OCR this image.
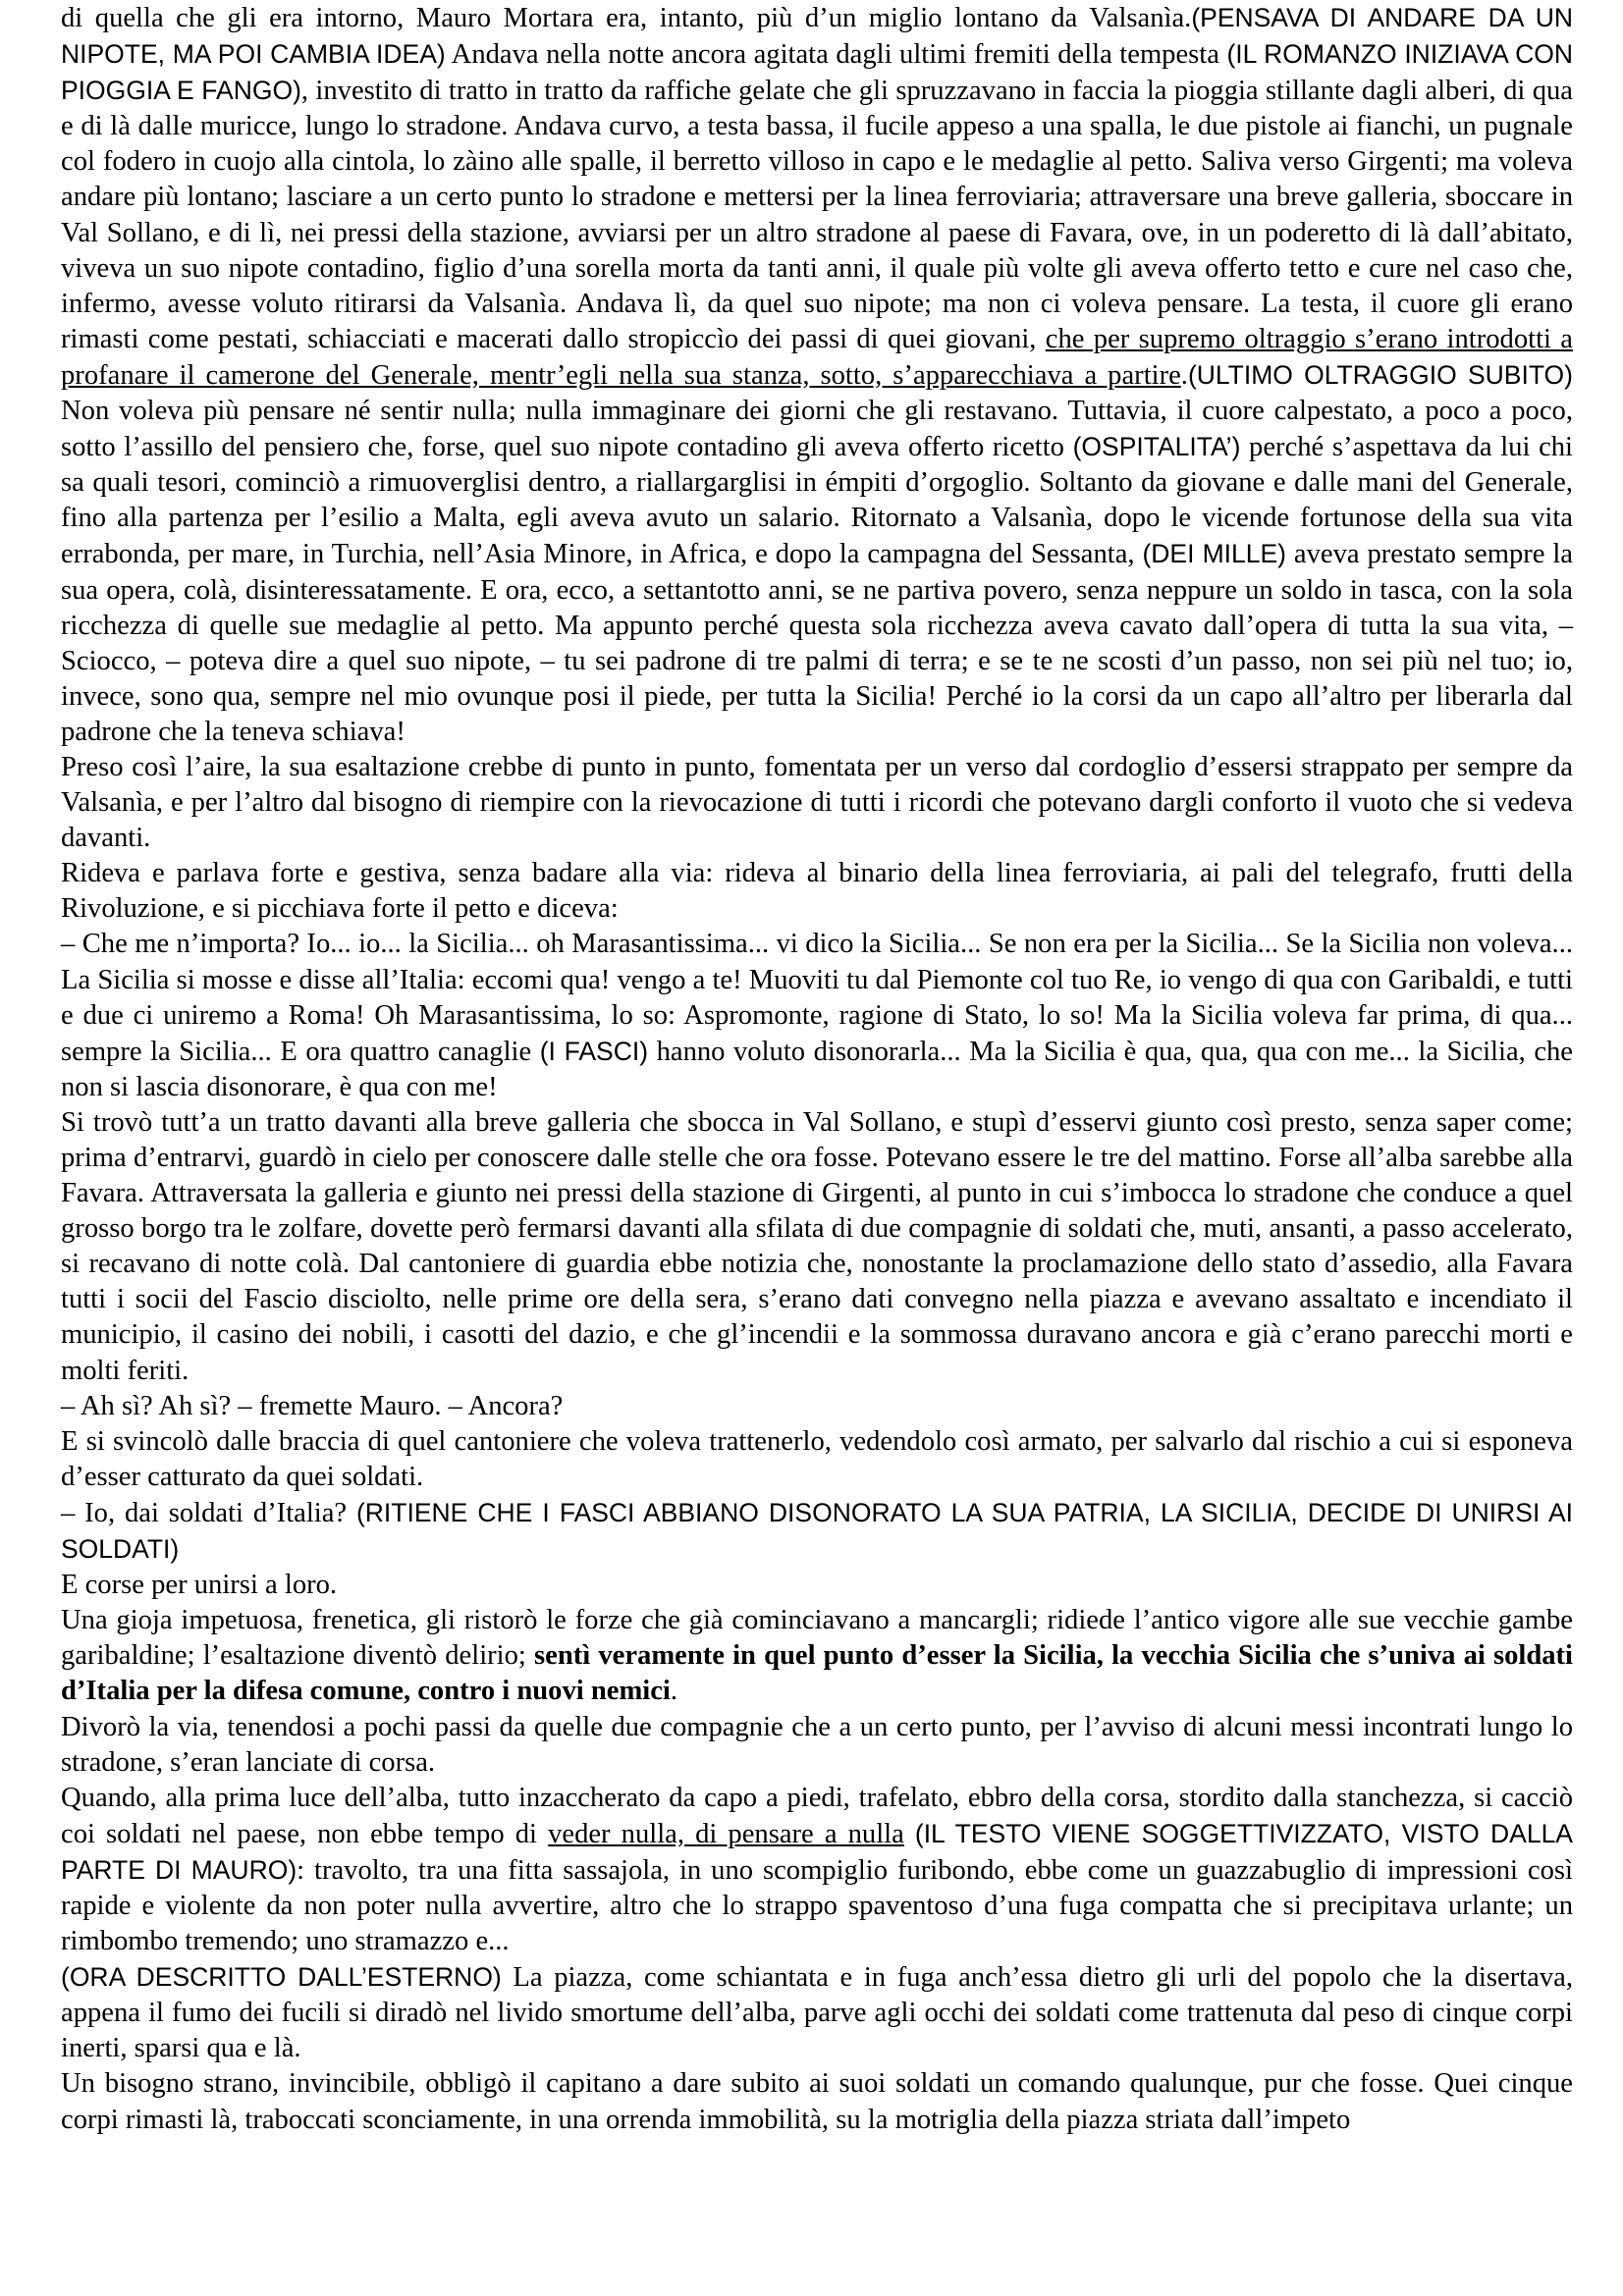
di quella che gli era intorno, Mauro Mortara era, intanto, più d’un miglio lontano da Valsanìa.(PENSAVA DI ANDARE DA UN NIPOTE, MA POI CAMBIA IDEA) Andava nella notte ancora agitata dagli ultimi fremiti della tempesta (IL ROMANZO INIZIAVA CON PIOGGIA E FANGO), investito di tratto in tratto da raffiche gelate che gli spruzzavano in faccia la pioggia stillante dagli alberi, di qua e di là dalle muricce, lungo lo stradone. Andava curvo, a testa bassa, il fucile appeso a una spalla, le due pistole ai fianchi, un pugnale col fodero in cuojo alla cintola, lo zàino alle spalle, il berretto villoso in capo e le medaglie al petto. Saliva verso Girgenti; ma voleva andare più lontano; lasciare a un certo punto lo stradone e mettersi per la linea ferroviaria; attraversare una breve galleria, sboccare in Val Sollano, e di lì, nei pressi della stazione, avviarsi per un altro stradone al paese di Favara, ove, in un poderetto di là dall’abitato, viveva un suo nipote contadino, figlio d’una sorella morta da tanti anni, il quale più volte gli aveva offerto tetto e cure nel caso che, infermo, avesse voluto ritirarsi da Valsanìa. Andava lì, da quel suo nipote; ma non ci voleva pensare. La testa, il cuore gli erano rimasti come pestati, schiacciati e macerati dallo stropiccìo dei passi di quei giovani, che per supremo oltraggio s’erano introdotti a profanare il camerone del Generale, mentr’egli nella sua stanza, sotto, s’apparecchiava a partire.(ULTIMO OLTRAGGIO SUBITO) Non voleva più pensare né sentir nulla; nulla immaginare dei giorni che gli restavano. Tuttavia, il cuore calpestato, a poco a poco, sotto l’assillo del pensiero che, forse, quel suo nipote contadino gli aveva offerto ricetto (OSPITALITA’) perché s’aspettava da lui chi sa quali tesori, cominciò a rimuoverglisi dentro, a riallargarglisi in émpiti d’orgoglio. Soltanto da giovane e dalle mani del Generale, fino alla partenza per l’esilio a Malta, egli aveva avuto un salario. Ritornato a Valsanìa, dopo le vicende fortunose della sua vita errabonda, per mare, in Turchia, nell’Asia Minore, in Africa, e dopo la campagna del Sessanta, (DEI MILLE) aveva prestato sempre la sua opera, colà, disinteressatamente. E ora, ecco, a settantotto anni, se ne partiva povero, senza neppure un soldo in tasca, con la sola ricchezza di quelle sue medaglie al petto. Ma appunto perché questa sola ricchezza aveva cavato dall’opera di tutta la sua vita, – Sciocco, – poteva dire a quel suo nipote, – tu sei padrone di tre palmi di terra; e se te ne scosti d’un passo, non sei più nel tuo; io, invece, sono qua, sempre nel mio ovunque posi il piede, per tutta la Sicilia! Perché io la corsi da un capo all’altro per liberarla dal padrone che la teneva schiava!

Preso così l’aire, la sua esaltazione crebbe di punto in punto, fomentata per un verso dal cordoglio d’essersi strappato per sempre da Valsanìa, e per l’altro dal bisogno di riempire con la rievocazione di tutti i ricordi che potevano dargli conforto il vuoto che si vedeva davanti.

Rideva e parlava forte e gestiva, senza badare alla via: rideva al binario della linea ferroviaria, ai pali del telegrafo, frutti della Rivoluzione, e si picchiava forte il petto e diceva:

– Che me n’importa? Io... io... la Sicilia... oh Marasantissima... vi dico la Sicilia... Se non era per la Sicilia... Se la Sicilia non voleva... La Sicilia si mosse e disse all’Italia: eccomi qua! vengo a te! Muoviti tu dal Piemonte col tuo Re, io vengo di qua con Garibaldi, e tutti e due ci uniremo a Roma! Oh Marasantissima, lo so: Aspromonte, ragione di Stato, lo so! Ma la Sicilia voleva far prima, di qua... sempre la Sicilia... E ora quattro canaglie (I FASCI) hanno voluto disonorarla... Ma la Sicilia è qua, qua, qua con me... la Sicilia, che non si lascia disonorare, è qua con me!

Si trovò tutt’a un tratto davanti alla breve galleria che sbocca in Val Sollano, e stupì d’esservi giunto così presto, senza saper come; prima d’entrarvi, guardò in cielo per conoscere dalle stelle che ora fosse. Potevano essere le tre del mattino. Forse all’alba sarebbe alla Favara. Attraversata la galleria e giunto nei pressi della stazione di Girgenti, al punto in cui s’imbocca lo stradone che conduce a quel grosso borgo tra le zolfare, dovette però fermarsi davanti alla sfilata di due compagnie di soldati che, muti, ansanti, a passo accelerato, si recavano di notte colà. Dal cantoniere di guardia ebbe notizia che, nonostante la proclamazione dello stato d’assedio, alla Favara tutti i socii del Fascio disciolto, nelle prime ore della sera, s’erano dati convegno nella piazza e avevano assaltato e incendiato il municipio, il casino dei nobili, i casotti del dazio, e che gl’incendii e la sommossa duravano ancora e già c’erano parecchi morti e molti feriti.

– Ah sì? Ah sì? – fremette Mauro. – Ancora?

E si svincolò dalle braccia di quel cantoniere che voleva trattenerlo, vedendolo così armato, per salvarlo dal rischio a cui si esponeva d’esser catturato da quei soldati.

– Io, dai soldati d’Italia? (RITIENE CHE I FASCI ABBIANO DISONORATO LA SUA PATRIA, LA SICILIA, DECIDE DI UNIRSI AI SOLDATI)

E corse per unirsi a loro.

Una gioja impetuosa, frenetica, gli ristorò le forze che già cominciavano a mancargli; ridiede l’antico vigore alle sue vecchie gambe garibaldine; l’esaltazione diventò delirio; sentì veramente in quel punto d’esser la Sicilia, la vecchia Sicilia che s’univa ai soldati d’Italia per la difesa comune, contro i nuovi nemici.

Divorò la via, tenendosi a pochi passi da quelle due compagnie che a un certo punto, per l’avviso di alcuni messi incontrati lungo lo stradone, s’eran lanciate di corsa.

Quando, alla prima luce dell’alba, tutto inzaccherato da capo a piedi, trafelato, ebbro della corsa, stordito dalla stanchezza, si cacciò coi soldati nel paese, non ebbe tempo di veder nulla, di pensare a nulla (IL TESTO VIENE SOGGETTIVIZZATO, VISTO DALLA PARTE DI MAURO): travolto, tra una fitta sassajola, in uno scompiglio furibondo, ebbe come un guazzabuglio di impressioni così rapide e violente da non poter nulla avvertire, altro che lo strappo spaventoso d’una fuga compatta che si precipitava urlante; un rimbombo tremendo; uno stramazzo e...

(ORA DESCRITTO DALL’ESTERNO) La piazza, come schiantata e in fuga anch’essa dietro gli urli del popolo che la disertava, appena il fumo dei fucili si diradò nel livido smortume dell’alba, parve agli occhi dei soldati come trattenuta dal peso di cinque corpi inerti, sparsi qua e là.

Un bisogno strano, invincibile, obbligò il capitano a dare subito ai suoi soldati un comando qualunque, pur che fosse. Quei cinque corpi rimasti là, traboccati sconciamente, in una orrenda immobilità, su la motriglia della piazza striata dall’impeto
